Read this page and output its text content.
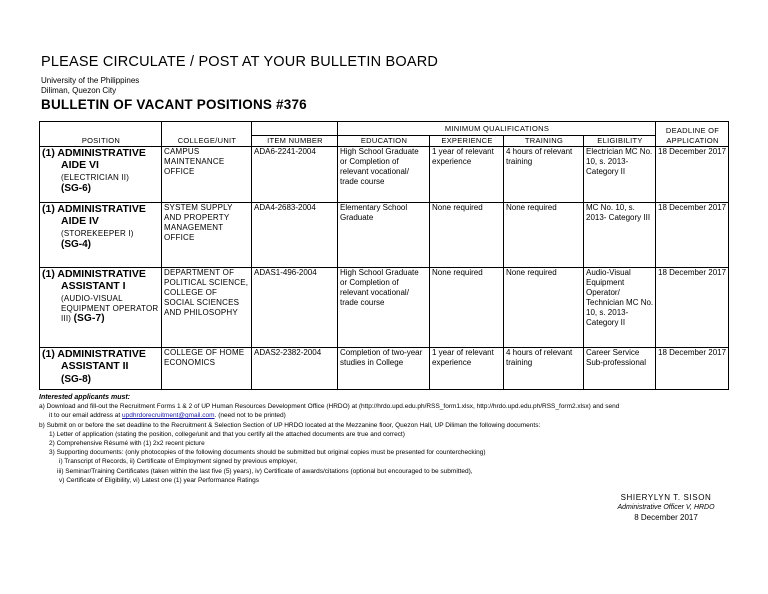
PLEASE CIRCULATE / POST AT YOUR BULLETIN BOARD
University of the Philippines
Diliman, Quezon City
BULLETIN OF VACANT POSITIONS #376
POSITION	COLLEGE/UNIT		MINIMUM QUALIFICATIONS				DEADLINE OF
APPLICATION

		ITEM NUMBER	EDUCATION	EXPERIENCE	TRAINING	ELIGIBILITY	

(1) ADMINISTRATIVE
AIDE VI
(ELECTRICIAN II)
(SG-6)	CAMPUS MAINTENANCE OFFICE	ADA6-2241-2004	High School Graduate or Completion of relevant vocational/ trade course	1 year of relevant experience	4 hours of relevant training	Electrician MC No. 10, s. 2013- Category II	18 December 2017

(1) ADMINISTRATIVE
AIDE IV
(STOREKEEPER I)
(SG-4)	SYSTEM SUPPLY AND PROPERTY MANAGEMENT OFFICE	ADA4-2683-2004	Elementary School Graduate	None required	None required	MC No. 10, s. 2013- Category III	18 December 2017

(1) ADMINISTRATIVE
ASSISTANT I
(AUDIO-VISUAL EQUIPMENT OPERATOR III) (SG-7)	DEPARTMENT OF POLITICAL SCIENCE, COLLEGE OF SOCIAL SCIENCES AND PHILOSOPHY	ADAS1-496-2004	High School Graduate or Completion of relevant vocational/ trade course	None required	None required	Audio-Visual Equipment Operator/ Technician MC No. 10, s. 2013- Category II	18 December 2017

(1) ADMINISTRATIVE
ASSISTANT II
(SG-8)	COLLEGE OF HOME ECONOMICS	ADAS2-2382-2004	Completion of two-year studies in College	1 year of relevant experience	4 hours of relevant training	Career Service Sub-professional	18 December 2017
Interested applicants must:
a) Download and fill-out the Recruitment Forms 1 & 2 of UP Human Resources Development Office (HRDO) at (http://hrdo.upd.edu.ph/RSS_form1.xlsx, http://hrdo.upd.edu.ph/RSS_form2.xlsx) and send
it to our email address at updhrdorecruitment@gmail.com. (need not to be printed)
b) Submit on or before the set deadline to the Recruitment & Selection Section of UP HRDO located at the Mezzanine floor, Quezon Hall, UP Diliman the following documents:
1) Letter of application (stating the position, college/unit and that you certify all the attached documents are true and correct)
2) Comprehensive Résumé with (1) 2x2 recent picture
3) Supporting documents: (only photocopies of the following documents should be submitted but original copies must be presented for counterchecking)
i) Transcript of Records, ii) Certificate of Employment signed by previous employer,
iii) Seminar/Training Certificates (taken within the last five (5) years), iv) Certificate of awards/citations (optional but encouraged to be submitted),
v) Certificate of Eligibility, vi) Latest one (1) year Performance Ratings
SHIERYLYN T. SISON
Administrative Officer V, HRDO
8 December 2017
